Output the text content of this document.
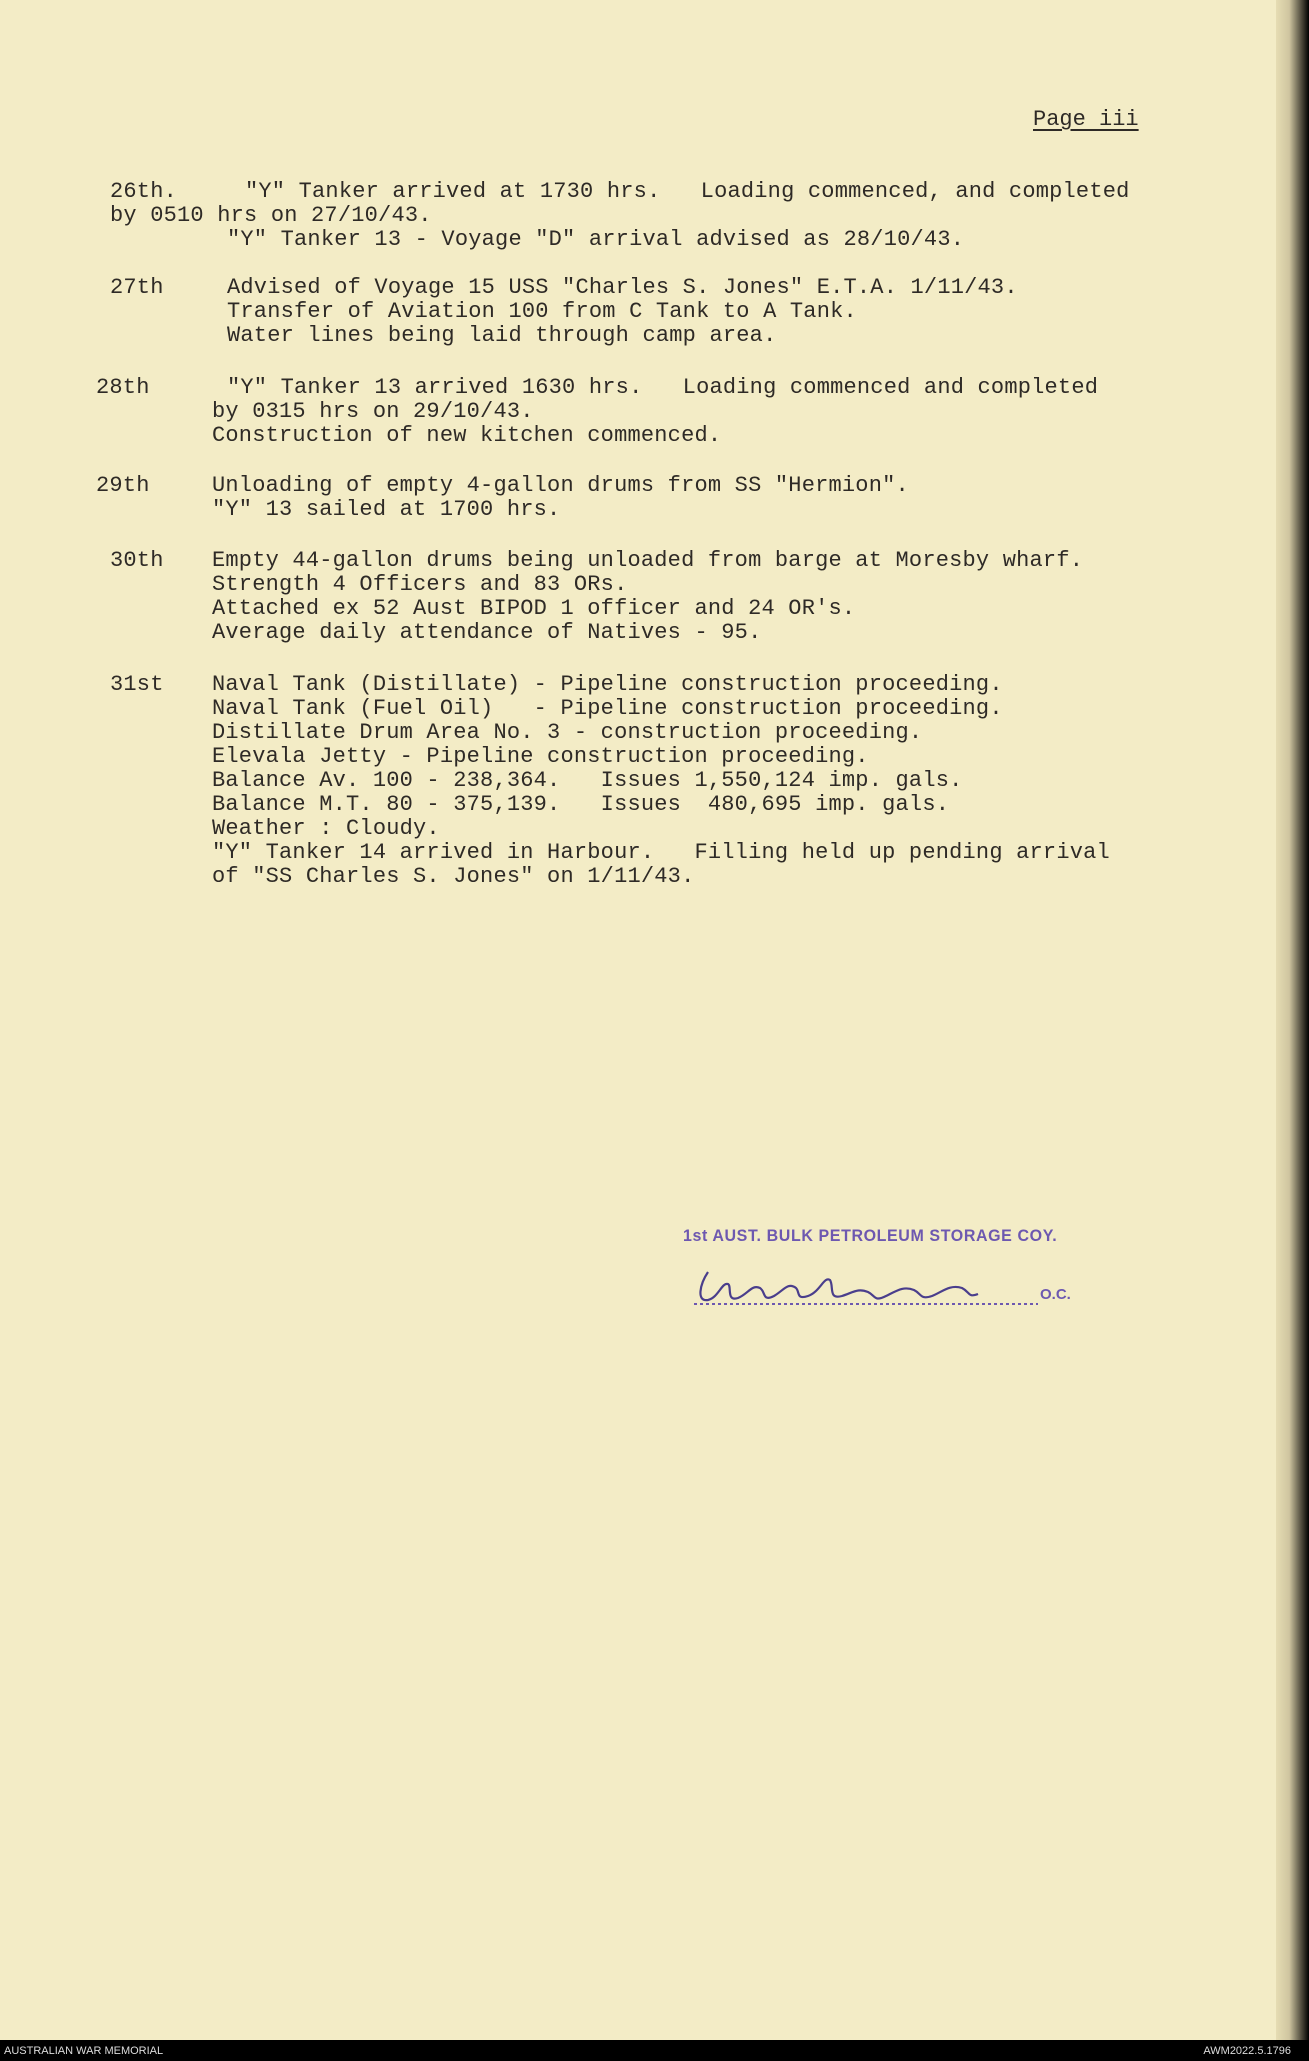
Page iii
26th.	"Y" Tanker arrived at 1730 hrs.   Loading commenced, and completed
by 0510 hrs on 27/10/43.
"Y" Tanker 13 - Voyage "D" arrival advised as 28/10/43.
27th	Advised of Voyage 15 USS "Charles S. Jones" E.T.A. 1/11/43.
Transfer of Aviation 100 from C Tank to A Tank.
Water lines being laid through camp area.
28th	"Y" Tanker 13 arrived 1630 hrs.   Loading commenced and completed
by 0315 hrs on 29/10/43.
Construction of new kitchen commenced.
29th	Unloading of empty 4-gallon drums from SS "Hermion".
"Y" 13 sailed at 1700 hrs.
30th Empty 44-gallon drums being unloaded from barge at Moresby wharf.
Strength 4 Officers and 83 ORs.
Attached ex 52 Aust BIPOD 1 officer and 24 OR's.
Average daily attendance of Natives - 95.
31st Naval Tank (Distillate) - Pipeline construction proceeding.
Naval Tank (Fuel Oil)   - Pipeline construction proceeding.
Distillate Drum Area No. 3 - construction proceeding.
Elevala Jetty - Pipeline construction proceeding.
Balance Av. 100 - 238,364.   Issues 1,550,124 imp. gals.
Balance M.T. 80 - 375,139.   Issues  480,695 imp. gals.
Weather : Cloudy.
"Y" Tanker 14 arrived in Harbour.   Filling held up pending arrival
of "SS Charles S. Jones" on 1/11/43.
1st AUST. BULK PETROLEUM STORAGE COY.
O.C.
AUSTRALIAN WAR MEMORIAL	AWM2022.5.1796
